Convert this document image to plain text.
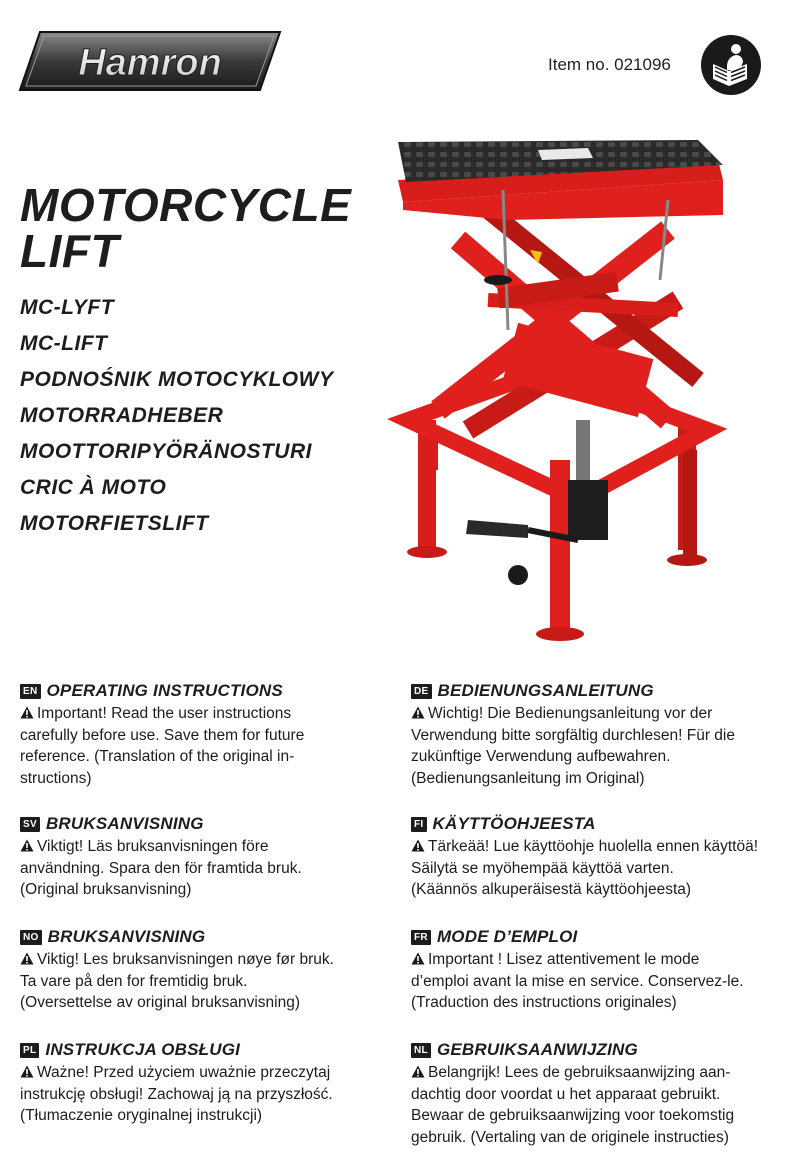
Hamron	Item no. 021096
MOTORCYCLE
LIFT
MC-LYFT
MC-LIFT
PODNOŚNIK MOTOCYKLOWY
MOTORRADHEBER
MOOTTORIPYÖRÄNOSTURI
CRIC À MOTO
MOTORFIETSLIFT
EN OPERATING INSTRUCTIONS
Important! Read the user instructions
carefully before use. Save them for future
reference. (Translation of the original in-
structions)
SV BRUKSANVISNING
Viktigt! Läs bruksanvisningen före
användning. Spara den för framtida bruk.
(Original bruksanvisning)
NO BRUKSANVISNING
Viktig! Les bruksanvisningen nøye før bruk.
Ta vare på den for fremtidig bruk.
(Oversettelse av original bruksanvisning)
PL INSTRUKCJA OBSŁUGI
Ważne! Przed użyciem uważnie przeczytaj
instrukcję obsługi! Zachowaj ją na przyszłość.
(Tłumaczenie oryginalnej instrukcji)
DE BEDIENUNGSANLEITUNG
Wichtig! Die Bedienungsanleitung vor der
Verwendung bitte sorgfältig durchlesen! Für die
zukünftige Verwendung aufbewahren.
(Bedienungsanleitung im Original)
FI KÄYTTÖOHJEESTA
Tärkeää! Lue käyttöohje huolella ennen käyttöä!
Säilytä se myöhempää käyttöä varten.
(Käännös alkuperäisestä käyttöohjeesta)
FR MODE D’EMPLOI
Important ! Lisez attentivement le mode
d’emploi avant la mise en service. Conservez-le.
(Traduction des instructions originales)
NL GEBRUIKSAANWIJZING
Belangrijk! Lees de gebruiksaanwijzing aan-
dachtig door voordat u het apparaat gebruikt.
Bewaar de gebruiksaanwijzing voor toekomstig
gebruik. (Vertaling van de originele instructies)
